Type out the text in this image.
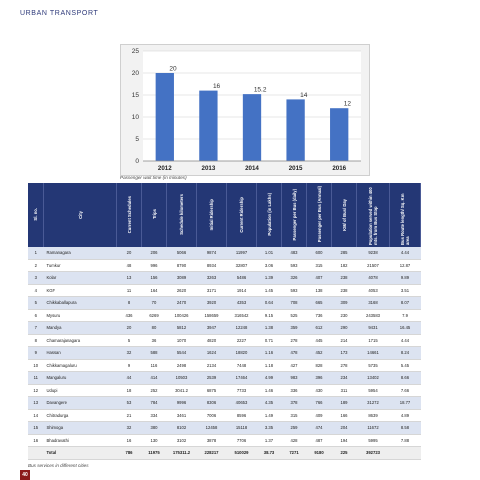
URBAN TRANSPORT
0
5
10
15
20
25
20
2012
16
2013
15.2
2014
14
2015
12
2016
Passenger wait time (in minutes)
Sl. no.	City	Current Schedules	Trips	Schedule kilometers	Initial Ridership	Current Ridership	Population (in Lakhs)	Passenger per Bus (daily)	Passenger per Bus (Annual)	KM/ of Bus/ Day	Population served within 400 mts. from Bus Stop	Bus Route length/ Sq. Km area
1	Ramanagara	20	206	5066	9874	11997	1.01	483	600	285	9238	4.44
2	Tumkur	48	996	8790	8934	32807	3.06	593	315	182	21507	12.87
3	Kolar	13	156	3089	3263	5486	1.39	326	407	238	4078	9.89
4	KGF	11	164	2620	3171	1914	1.45	593	138	238	4053	3.51
5	Chikkaballapura	8	70	2470	3920	4353	0.64	708	665	309	3168	8.07
6	Mysuru	436	6269	100426	158659	316542	9.15	525	736	230	243583	7.9
7	Mandya	20	80	5812	3947	12248	1.38	359	612	290	9431	16.45
8	Chamarajanagara	5	36	1070	4820	2227	0.71	278	445	214	1715	4.44
9	Hassan	32	588	5544	1624	18820	1.16	478	452	173	14661	8.24
10	Chikkamagaluru	9	116	2498	2134	7448	1.18	427	828	278	5735	5.45
11	Mangaluru	44	414	10503	2539	17464	4.99	983	396	234	13402	8.66
12	Udupi	18	252	3041.2	6875	7733	1.46	336	430	311	5954	7.66
13	Davangere	53	784	9996	8306	40653	4.35	378	766	189	31272	18.77
14	Chitradurga	21	334	3461	7006	8596	1.49	315	409	166	8639	4.89
15	Shimoga	32	380	8102	12458	15118	3.35	259	474	204	11672	8.58
16	Bhadravathi	16	130	3102	3878	7706	1.37	428	487	194	5995	7.88
	Total	786	11975	175311.2	228217	510029	38.73	7271	9180	225	392723	
Bus services in different cities
40
